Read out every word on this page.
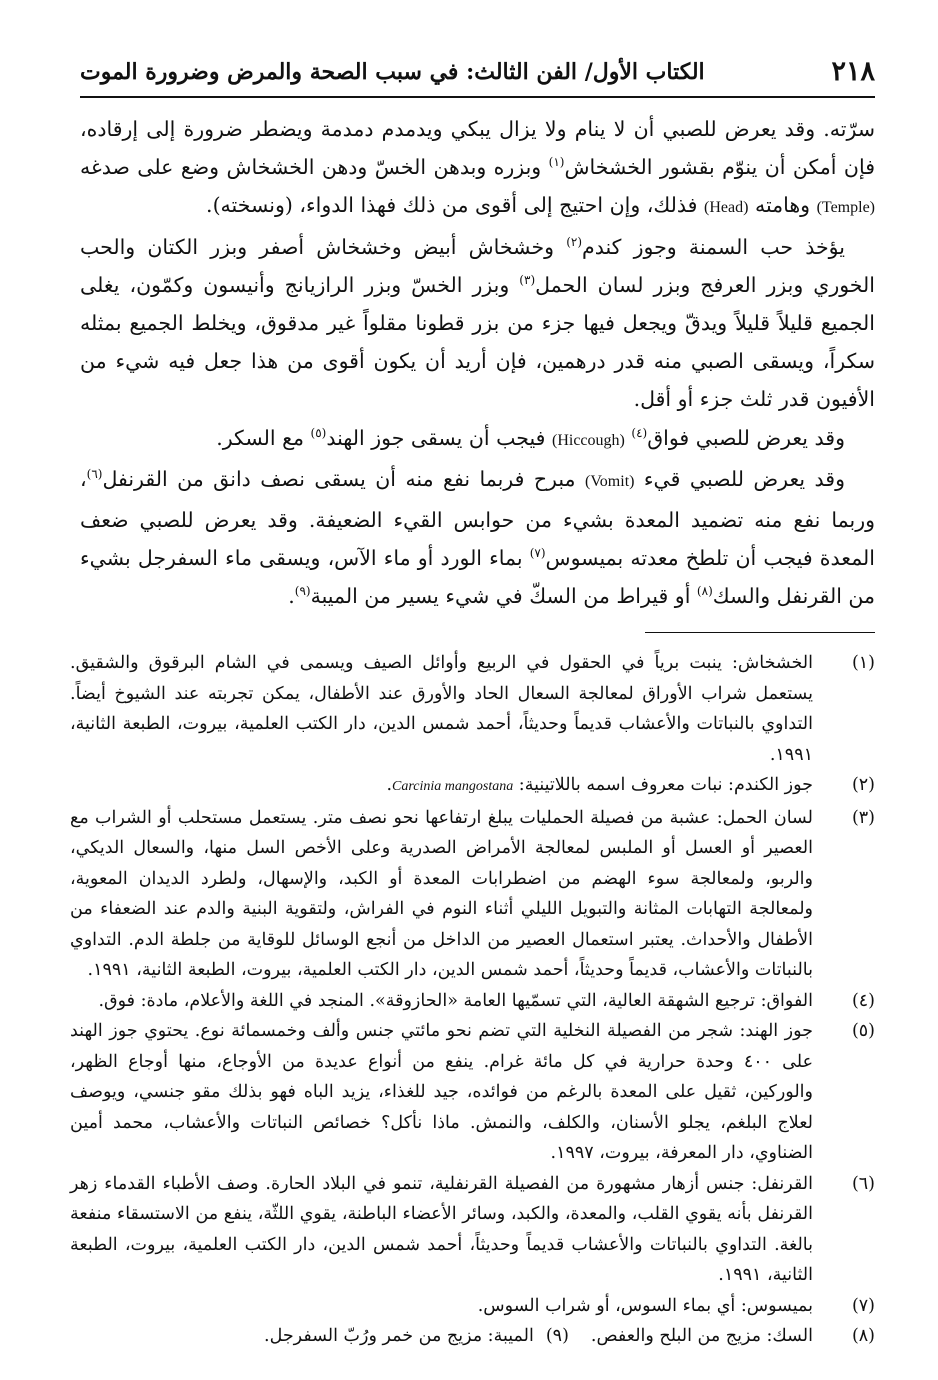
٢١٨
الكتاب الأول/ الفن الثالث: في سبب الصحة والمرض وضرورة الموت

سرّته. وقد يعرض للصبي أن لا ينام ولا يزال يبكي ويدمدم دمدمة ويضطر ضرورة إلى إرقاده، فإن أمكن أن ينوّم بقشور الخشخاش$^{(١)}$ وبزره وبدهن الخسّ ودهن الخشخاش وضع على صدغه (Temple) وهامته (Head) فذلك، وإن احتيج إلى أقوى من ذلك فهذا الدواء، (ونسخته).

يؤخذ حب السمنة وجوز كندم$^{(٢)}$ وخشخاش أبيض وخشخاش أصفر وبزر الكتان والحب الخوري وبزر العرفج وبزر لسان الحمل$^{(٣)}$ وبزر الخسّ وبزر الرازيانج وأنيسون وكمّون، يغلى الجميع قليلاً قليلاً ويدقّ ويجعل فيها جزء من بزر قطونا مقلواً غير مدقوق، ويخلط الجميع بمثله سكراً، ويسقى الصبي منه قدر درهمين، فإن أريد أن يكون أقوى من هذا جعل فيه شيء من الأفيون قدر ثلث جزء أو أقل.

وقد يعرض للصبي فواق$^{(٤)}$ (Hiccough) فيجب أن يسقى جوز الهند$^{(٥)}$ مع السكر.

وقد يعرض للصبي قيء (Vomit) مبرح فربما نفع منه أن يسقى نصف دانق من القرنفل$^{(٦)}$، وربما نفع منه تضميد المعدة بشيء من حوابس القيء الضعيفة. وقد يعرض للصبي ضعف المعدة فيجب أن تلطخ معدته بميسوس$^{(٧)}$ بماء الورد أو ماء الآس، ويسقى ماء السفرجل بشيء من القرنفل والسك$^{(٨)}$ أو قيراط من السكّ في شيء يسير من الميبة$^{(٩)}$.

(١)
الخشخاش: ينبت برياً في الحقول في الربيع وأوائل الصيف ويسمى في الشام البرقوق والشقيق. يستعمل شراب الأوراق لمعالجة السعال الحاد والأورق عند الأطفال، يمكن تجربته عند الشيوخ أيضاً. التداوي بالنباتات والأعشاب قديماً وحديثاً، أحمد شمس الدين، دار الكتب العلمية، بيروت، الطبعة الثانية، ١٩٩١.

(٢)
جوز الكندم: نبات معروف اسمه باللاتينية: Carcinia mangostana.

(٣)
لسان الحمل: عشبة من فصيلة الحمليات يبلغ ارتفاعها نحو نصف متر. يستعمل مستحلب أو الشراب مع العصير أو العسل أو الملبس لمعالجة الأمراض الصدرية وعلى الأخص السل منها، والسعال الديكي، والربو، ولمعالجة سوء الهضم من اضطرابات المعدة أو الكبد، والإسهال، ولطرد الديدان المعوية، ولمعالجة التهابات المثانة والتبويل الليلي أثناء النوم في الفراش، ولتقوية البنية والدم عند الضعفاء من الأطفال والأحداث. يعتبر استعمال العصير من الداخل من أنجع الوسائل للوقاية من جلطة الدم. التداوي بالنباتات والأعشاب، قديماً وحديثاً، أحمد شمس الدين، دار الكتب العلمية، بيروت، الطبعة الثانية، ١٩٩١.

(٤)
الفواق: ترجيع الشهقة العالية، التي تسمّيها العامة «الحازوقة». المنجد في اللغة والأعلام، مادة: فوق.

(٥)
جوز الهند: شجر من الفصيلة النخلية التي تضم نحو مائتي جنس وألف وخمسمائة نوع. يحتوي جوز الهند على ٤٠٠ وحدة حرارية في كل مائة غرام. ينفع من أنواع عديدة من الأوجاع، منها أوجاع الظهر، والوركين، ثقيل على المعدة بالرغم من فوائده، جيد للغذاء، يزيد الباه فهو بذلك مقو جنسي، ويوصف لعلاج البلغم، يجلو الأسنان، والكلف، والنمش. ماذا نأكل؟ خصائص النباتات والأعشاب، محمد أمين الضناوي، دار المعرفة، بيروت، ١٩٩٧.

(٦)
القرنفل: جنس أزهار مشهورة من الفصيلة القرنفلية، تنمو في البلاد الحارة. وصف الأطباء القدماء زهر القرنفل بأنه يقوي القلب، والمعدة، والكبد، وسائر الأعضاء الباطنة، يقوي اللثّة، ينفع من الاستسقاء منفعة بالغة. التداوي بالنباتات والأعشاب قديماً وحديثاً، أحمد شمس الدين، دار الكتب العلمية، بيروت، الطبعة الثانية، ١٩٩١.

(٧)
بميسوس: أي بماء السوس، أو شراب السوس.

(٨)
السك: مزيج من البلح والعفص.(٩)الميبة: مزيج من خمر ورُبّ السفرجل.
